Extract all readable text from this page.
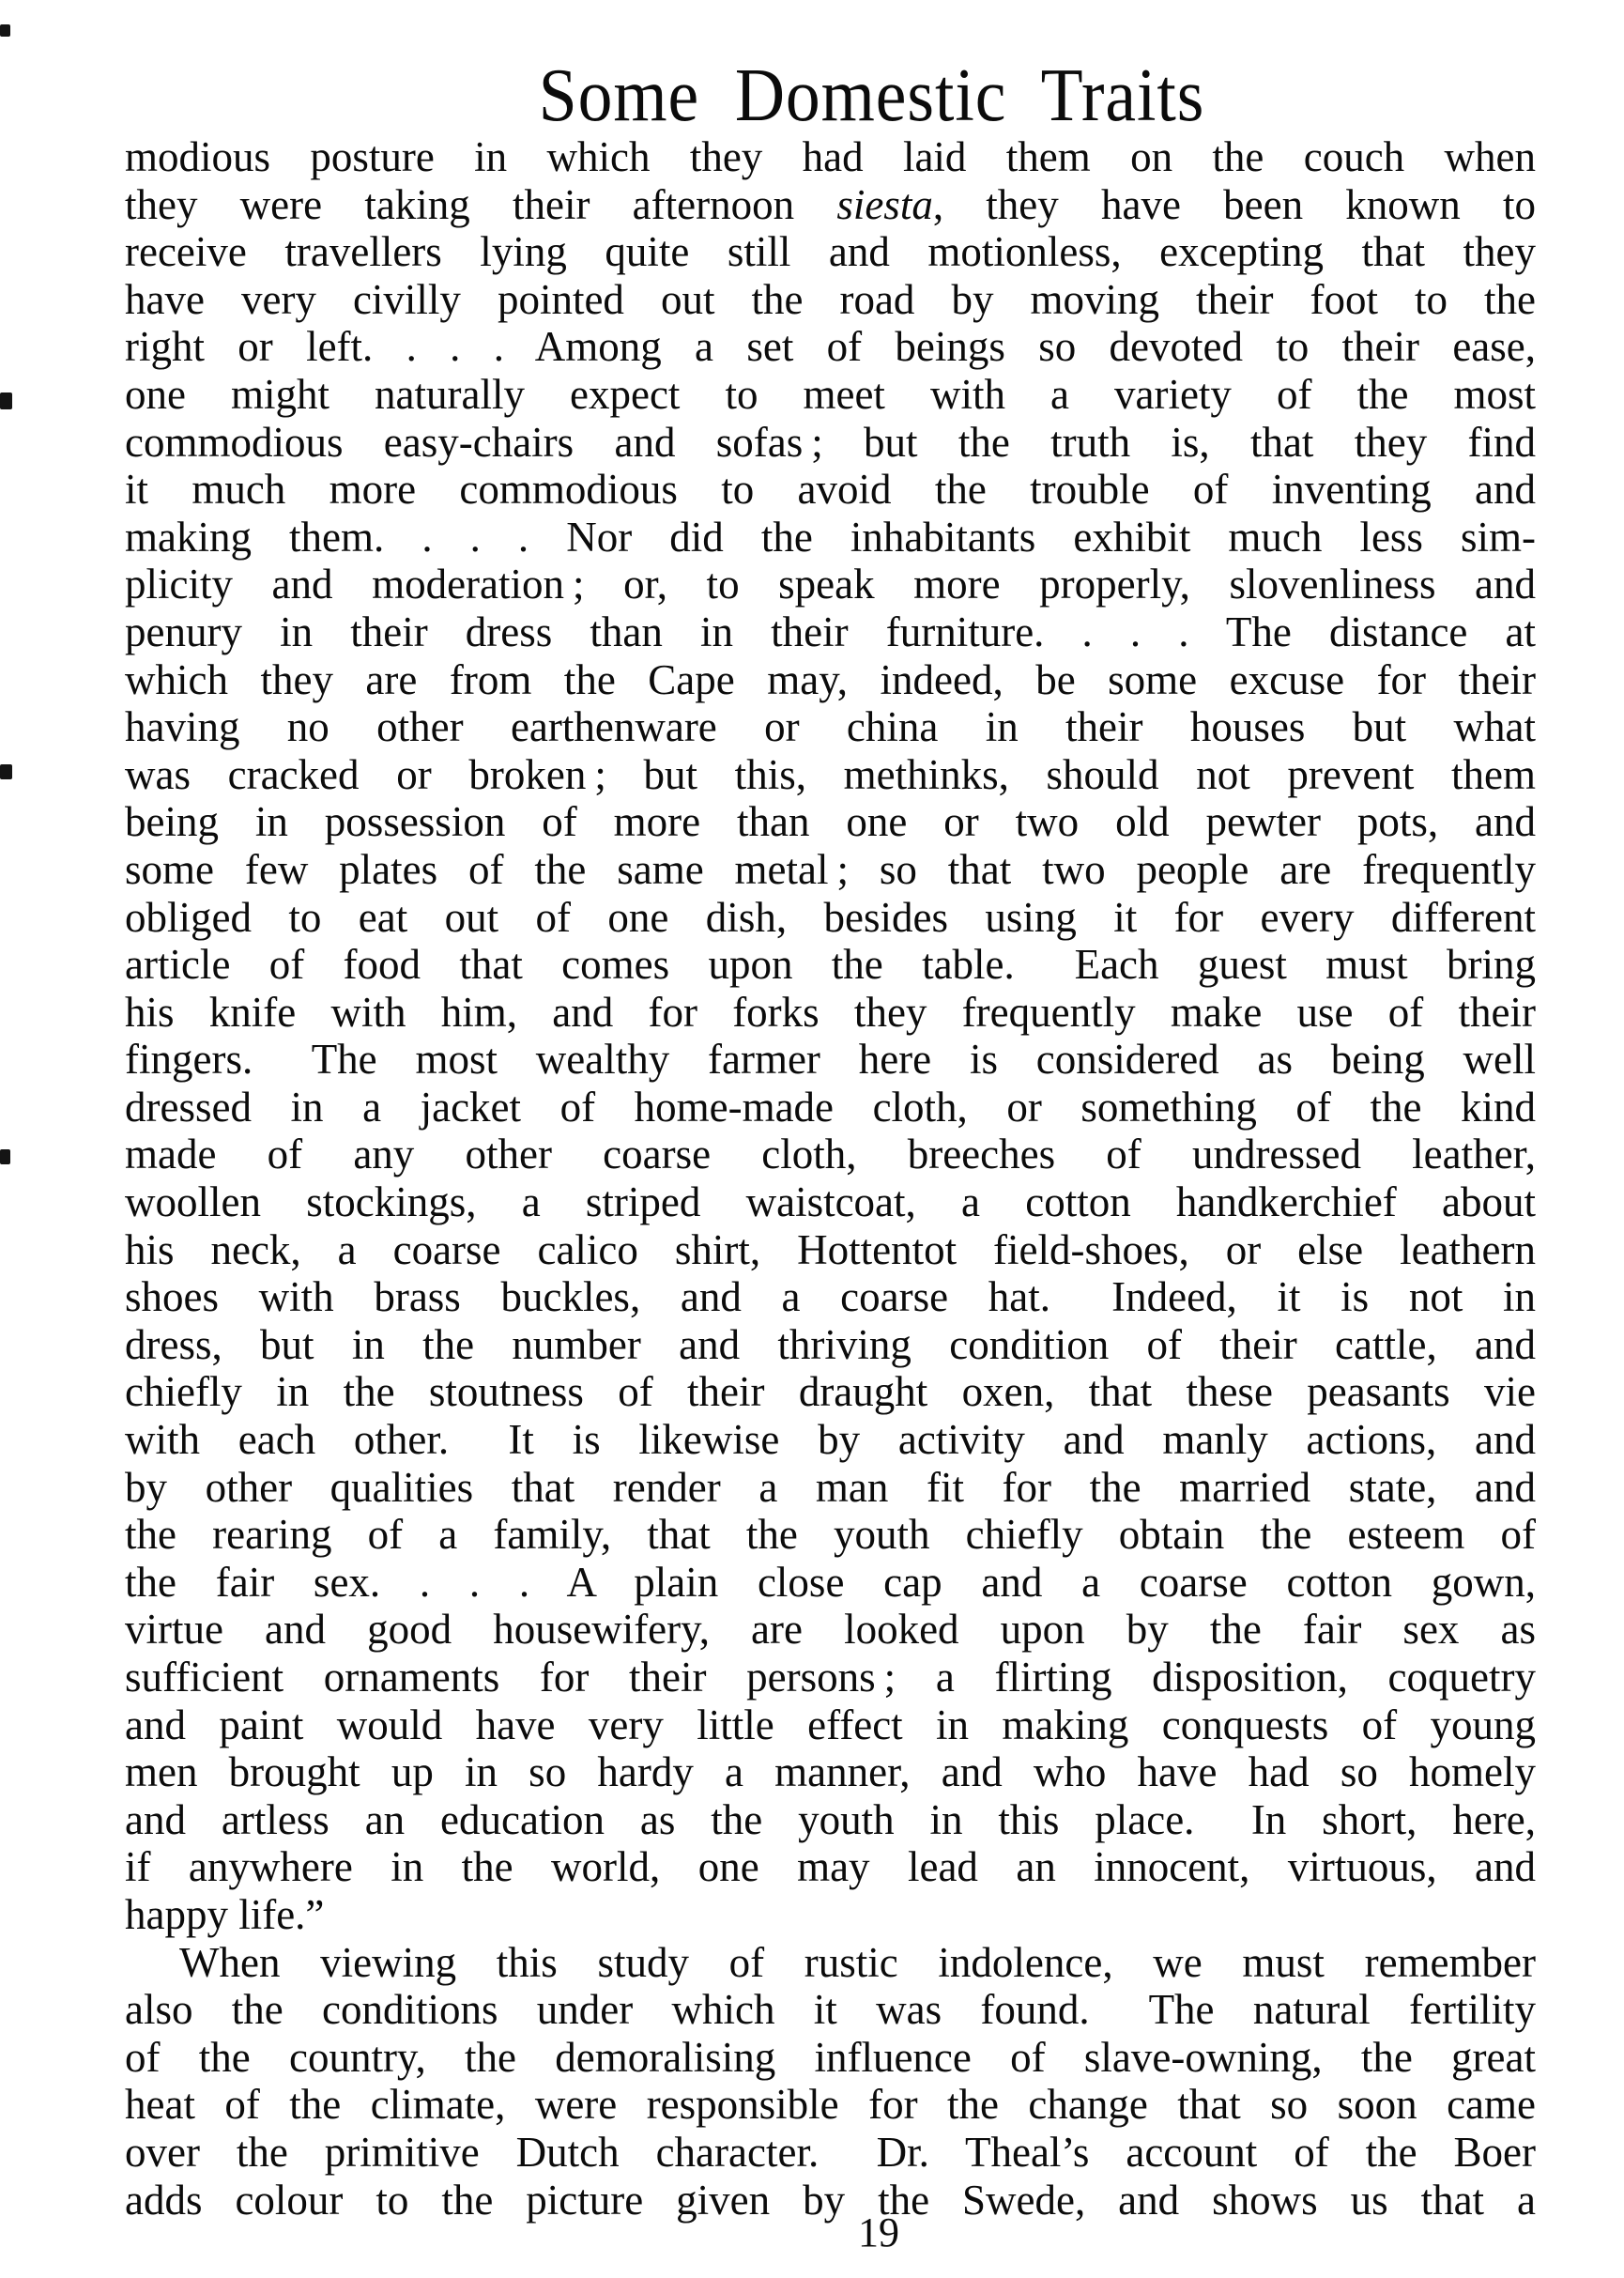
Some Domestic Traits
modious posture in which they had laid them on the couch when
they were taking their afternoon siesta, they have been known to
receive travellers lying quite still and motionless, excepting that they
have very civilly pointed out the road by moving their foot to the
right or left. . . . Among a set of beings so devoted to their ease,
one might naturally expect to meet with a variety of the most
commodious easy-chairs and sofas ; but the truth is, that they find
it much more commodious to avoid the trouble of inventing and
making them. . . . Nor did the inhabitants exhibit much less sim-
plicity and moderation ; or, to speak more properly, slovenliness and
penury in their dress than in their furniture. . . . The distance at
which they are from the Cape may, indeed, be some excuse for their
having no other earthenware or china in their houses but what
was cracked or broken ; but this, methinks, should not prevent them
being in possession of more than one or two old pewter pots, and
some few plates of the same metal ; so that two people are frequently
obliged to eat out of one dish, besides using it for every different
article of food that comes upon the table.  Each guest must bring
his knife with him, and for forks they frequently make use of their
fingers.  The most wealthy farmer here is considered as being well
dressed in a jacket of home-made cloth, or something of the kind
made of any other coarse cloth, breeches of undressed leather,
woollen stockings, a striped waistcoat, a cotton handkerchief about
his neck, a coarse calico shirt, Hottentot field-shoes, or else leathern
shoes with brass buckles, and a coarse hat.  Indeed, it is not in
dress, but in the number and thriving condition of their cattle, and
chiefly in the stoutness of their draught oxen, that these peasants vie
with each other.  It is likewise by activity and manly actions, and
by other qualities that render a man fit for the married state, and
the rearing of a family, that the youth chiefly obtain the esteem of
the fair sex. . . . A plain close cap and a coarse cotton gown,
virtue and good housewifery, are looked upon by the fair sex as
sufficient ornaments for their persons ; a flirting disposition, coquetry
and paint would have very little effect in making conquests of young
men brought up in so hardy a manner, and who have had so homely
and artless an education as the youth in this place.  In short, here,
if anywhere in the world, one may lead an innocent, virtuous, and
happy life.”
When viewing this study of rustic indolence, we must remember
also the conditions under which it was found.  The natural fertility
of the country, the demoralising influence of slave-owning, the great
heat of the climate, were responsible for the change that so soon came
over the primitive Dutch character.  Dr. Theal’s account of the Boer
adds colour to the picture given by the Swede, and shows us that a
19
